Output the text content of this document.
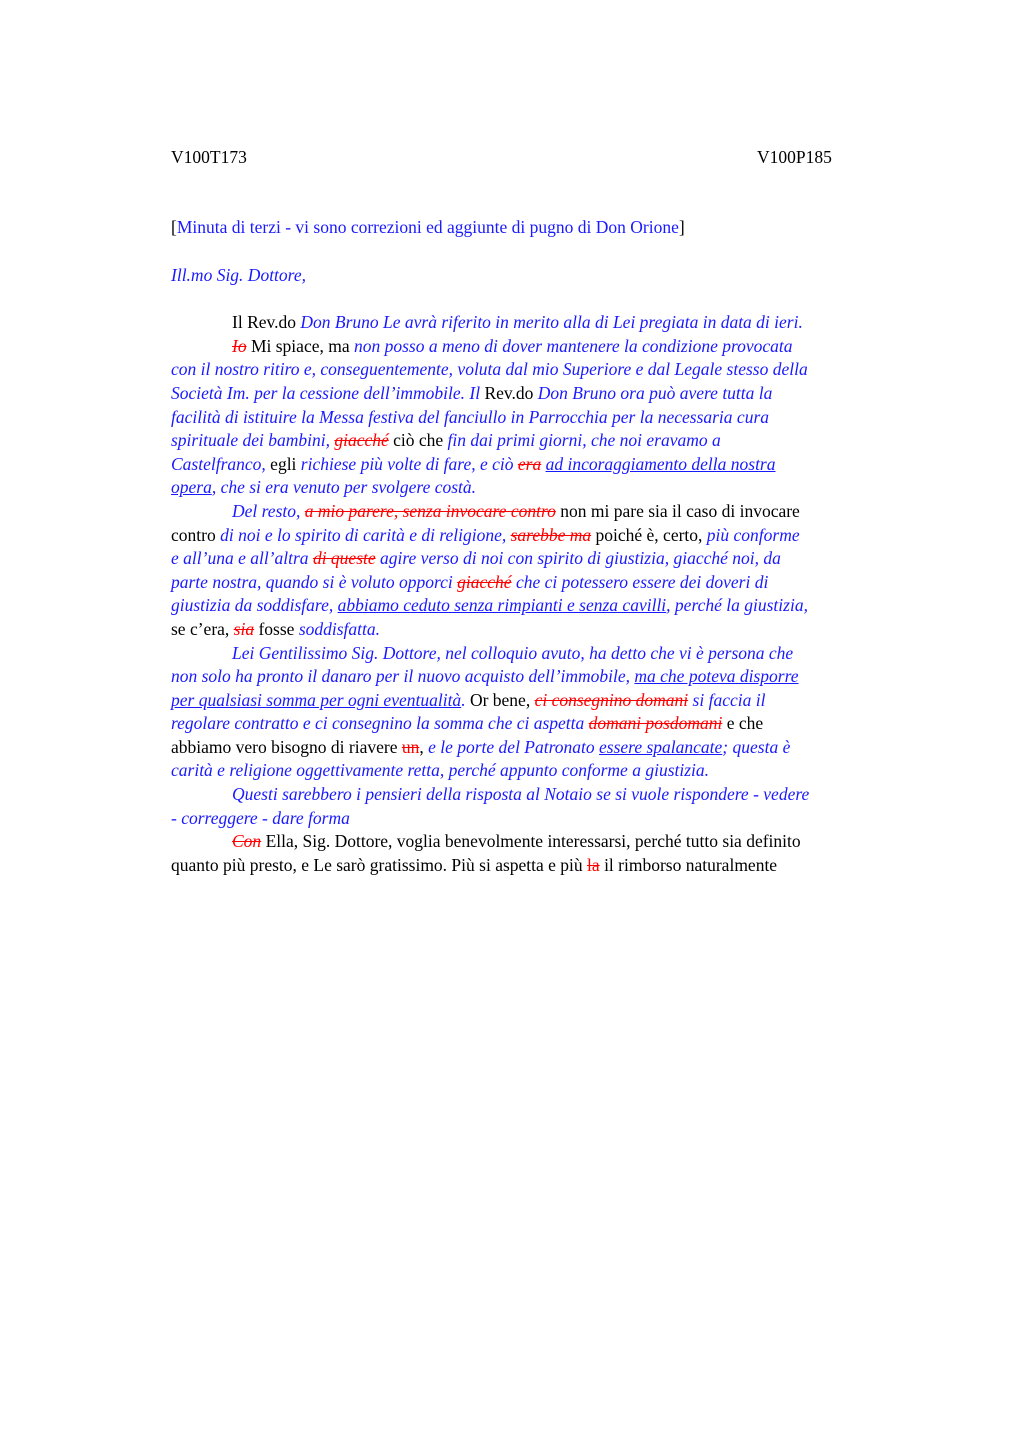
V100T173	V100P185

[Minuta di terzi - vi sono correzioni ed aggiunte di pugno di Don Orione]

Ill.mo Sig. Dottore,

Il Rev.do Don Bruno Le avrà riferito in merito alla di Lei pregiata in data di ieri.
Io Mi spiace, ma non posso a meno di dover mantenere la condizione provocata
con il nostro ritiro e, conseguentemente, voluta dal mio Superiore e dal Legale stesso della
Società Im. per la cessione dell’immobile. Il Rev.do Don Bruno ora può avere tutta la
facilità di istituire la Messa festiva del fanciullo in Parrocchia per la necessaria cura
spirituale dei bambini, giacché ciò che fin dai primi giorni, che noi eravamo a
Castelfranco, egli richiese più volte di fare, e ciò era ad incoraggiamento della nostra
opera, che si era venuto per svolgere costà.
Del resto, a mio parere, senza invocare contro non mi pare sia il caso di invocare
contro di noi e lo spirito di carità e di religione, sarebbe ma poiché è, certo, più conforme
e all’una e all’altra di queste agire verso di noi con spirito di giustizia, giacché noi, da
parte nostra, quando si è voluto opporci giacché che ci potessero essere dei doveri di
giustizia da soddisfare, abbiamo ceduto senza rimpianti e senza cavilli, perché la giustizia,
se c’era, sia fosse soddisfatta.
Lei Gentilissimo Sig. Dottore, nel colloquio avuto, ha detto che vi è persona che
non solo ha pronto il danaro per il nuovo acquisto dell’immobile, ma che poteva disporre
per qualsiasi somma per ogni eventualità. Or bene, ci consegnino domani si faccia il
regolare contratto e ci consegnino la somma che ci aspetta domani posdomani e che
abbiamo vero bisogno di riavere un, e le porte del Patronato essere spalancate; questa è
carità e religione oggettivamente retta, perché appunto conforme a giustizia.
Questi sarebbero i pensieri della risposta al Notaio se si vuole rispondere - vedere
- correggere - dare forma
Con Ella, Sig. Dottore, voglia benevolmente interessarsi, perché tutto sia definito
quanto più presto, e Le sarò gratissimo. Più si aspetta e più la il rimborso naturalmente
